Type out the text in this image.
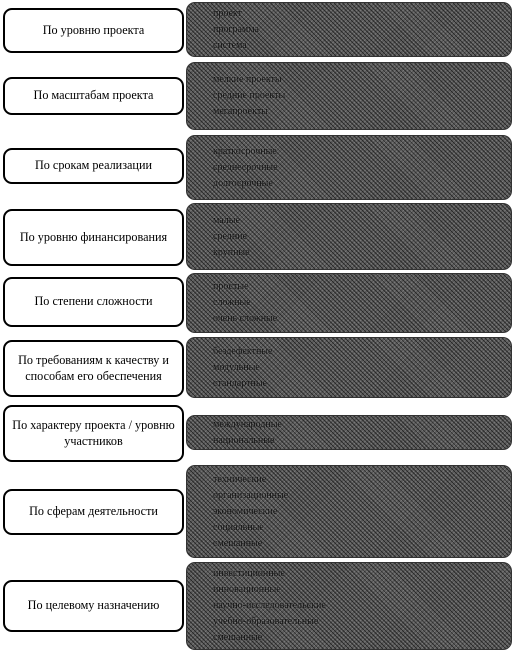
По уровню проекта
проект
программа
система
По масштабам проекта
мелкие проекты
средние проекты
мегапроекты
По срокам реализации
краткосрочные
среднесрочные
долгосрочные
По уровню финансирования
малые
средние
крупные
По степени сложности
простые
сложные
очень сложные
По требованиям к качеству и способам его обеспечения
бездефектные
модульные
стандартные
По характеру проекта / уровню участников
международные
национальные
По сферам деятельности
технические
организационные
экономические
социальные
смешанные
По целевому назначению
инвестиционные
инновационные
научно-исследовательские
учебно-образовательные
смешанные
